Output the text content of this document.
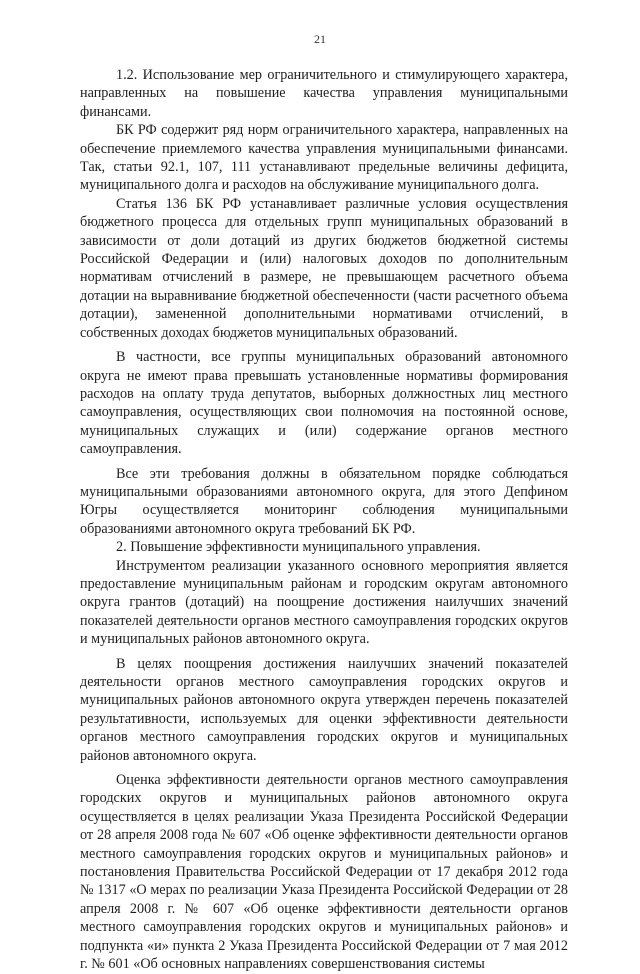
21

1.2. Использование мер ограничительного и стимулирующего характера, направленных на повышение качества управления муниципальными финансами.

БК РФ содержит ряд норм ограничительного характера, направленных на обеспечение приемлемого качества управления муниципальными финансами. Так, статьи 92.1, 107, 111 устанавливают предельные величины дефицита, муниципального долга и расходов на обслуживание муниципального долга.

Статья 136 БК РФ устанавливает различные условия осуществления бюджетного процесса для отдельных групп муниципальных образований в зависимости от доли дотаций из других бюджетов бюджетной системы Российской Федерации и (или) налоговых доходов по дополнительным нормативам отчислений в размере, не превышающем расчетного объема дотации на выравнивание бюджетной обеспеченности (части расчетного объема дотации), замененной дополнительными нормативами отчислений, в собственных доходах бюджетов муниципальных образований.

В частности, все группы муниципальных образований автономного округа не имеют права превышать установленные нормативы формирования расходов на оплату труда депутатов, выборных должностных лиц местного самоуправления, осуществляющих свои полномочия на постоянной основе, муниципальных служащих и (или) содержание органов местного самоуправления.

Все эти требования должны в обязательном порядке соблюдаться муниципальными образованиями автономного округа, для этого Депфином Югры осуществляется мониторинг соблюдения муниципальными образованиями автономного округа требований БК РФ.

2. Повышение эффективности муниципального управления.

Инструментом реализации указанного основного мероприятия является предоставление муниципальным районам и городским округам автономного округа грантов (дотаций) на поощрение достижения наилучших значений показателей деятельности органов местного самоуправления городских округов и муниципальных районов автономного округа.

В целях поощрения достижения наилучших значений показателей деятельности органов местного самоуправления городских округов и муниципальных районов автономного округа утвержден перечень показателей результативности, используемых для оценки эффективности деятельности органов местного самоуправления городских округов и муниципальных районов автономного округа.

Оценка эффективности деятельности органов местного самоуправления городских округов и муниципальных районов автономного округа осуществляется в целях реализации Указа Президента Российской Федерации от 28 апреля 2008 года № 607 «Об оценке эффективности деятельности органов местного самоуправления городских округов и муниципальных районов» и постановления Правительства Российской Федерации от 17 декабря 2012 года № 1317 «О мерах по реализации Указа Президента Российской Федерации от 28 апреля 2008 г. № 607 «Об оценке эффективности деятельности органов местного самоуправления городских округов и муниципальных районов» и подпункта «и» пункта 2 Указа Президента Российской Федерации от 7 мая 2012 г. № 601 «Об основных направлениях совершенствования системы
